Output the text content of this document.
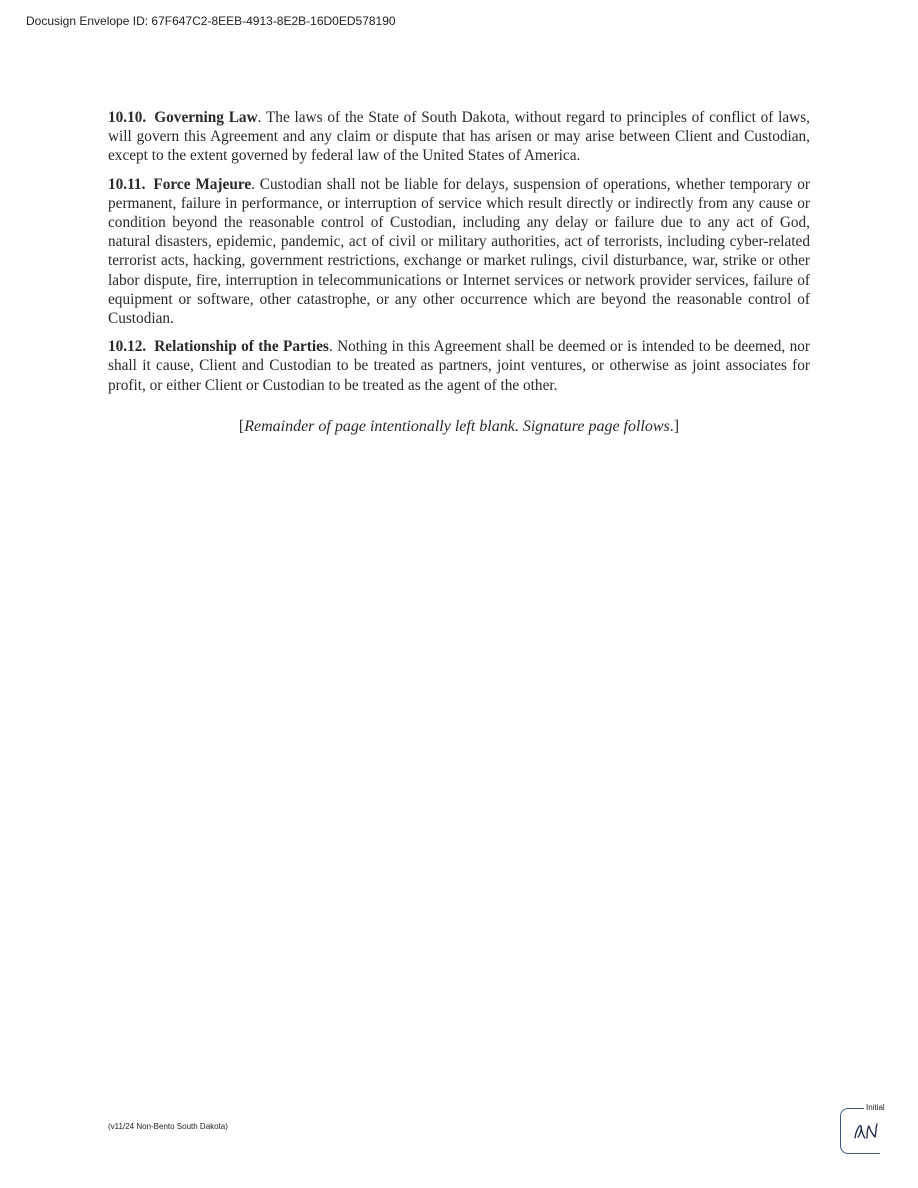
Docusign Envelope ID: 67F647C2-8EEB-4913-8E2B-16D0ED578190

10.10. Governing Law. The laws of the State of South Dakota, without regard to principles of conflict of laws, will govern this Agreement and any claim or dispute that has arisen or may arise between Client and Custodian, except to the extent governed by federal law of the United States of America.

10.11. Force Majeure. Custodian shall not be liable for delays, suspension of operations, whether temporary or permanent, failure in performance, or interruption of service which result directly or indirectly from any cause or condition beyond the reasonable control of Custodian, including any delay or failure due to any act of God, natural disasters, epidemic, pandemic, act of civil or military authorities, act of terrorists, including cyber-related terrorist acts, hacking, government restrictions, exchange or market rulings, civil disturbance, war, strike or other labor dispute, fire, interruption in telecommunications or Internet services or network provider services, failure of equipment or software, other catastrophe, or any other occurrence which are beyond the reasonable control of Custodian.

10.12. Relationship of the Parties. Nothing in this Agreement shall be deemed or is intended to be deemed, nor shall it cause, Client and Custodian to be treated as partners, joint ventures, or otherwise as joint associates for profit, or either Client or Custodian to be treated as the agent of the other.

[Remainder of page intentionally left blank. Signature page follows.]

(v11/24 Non-Bento South Dakota)
Initial
